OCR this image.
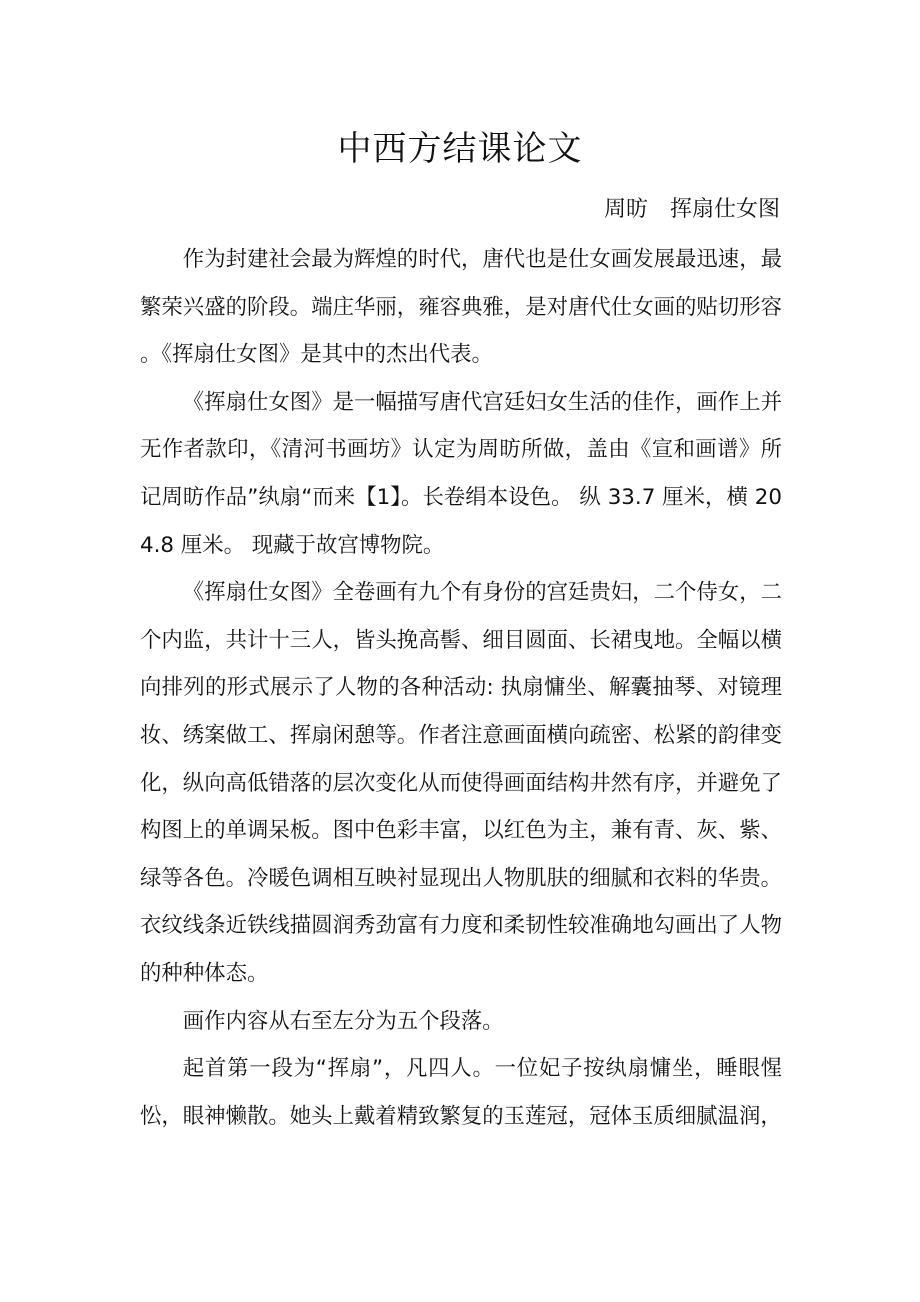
中西方结课论文
周昉　挥扇仕女图

作为封建社会最为辉煌的时代，唐代也是仕女画发展最迅速，最繁荣兴盛的阶段。端庄华丽，雍容典雅，是对唐代仕女画的贴切形容。《挥扇仕女图》是其中的杰出代表。

《挥扇仕女图》是一幅描写唐代宫廷妇女生活的佳作，画作上并无作者款印，《清河书画坊》认定为周昉所做，盖由《宣和画谱》所记周昉作品”纨扇“而来【1】。长卷绢本设色。 纵 33.7 厘米，横 204.8 厘米。 现藏于故宫博物院。

《挥扇仕女图》全卷画有九个有身份的宫廷贵妇，二个侍女，二个内监，共计十三人，皆头挽高髻、细目圆面、长裙曳地。全幅以横向排列的形式展示了人物的各种活动: 执扇慵坐、解囊抽琴、对镜理妆、绣案做工、挥扇闲憩等。作者注意画面横向疏密、松紧的韵律变化，纵向高低错落的层次变化从而使得画面结构井然有序，并避免了构图上的单调呆板。图中色彩丰富，以红色为主，兼有青、灰、紫、绿等各色。冷暖色调相互映衬显现出人物肌肤的细腻和衣料的华贵。衣纹线条近铁线描圆润秀劲富有力度和柔韧性较准确地勾画出了人物的种种体态。

画作内容从右至左分为五个段落。

起首第一段为“挥扇”，凡四人。一位妃子按纨扇慵坐，睡眼惺忪，眼神懒散。她头上戴着精致繁复的玉莲冠，冠体玉质细腻温润，
